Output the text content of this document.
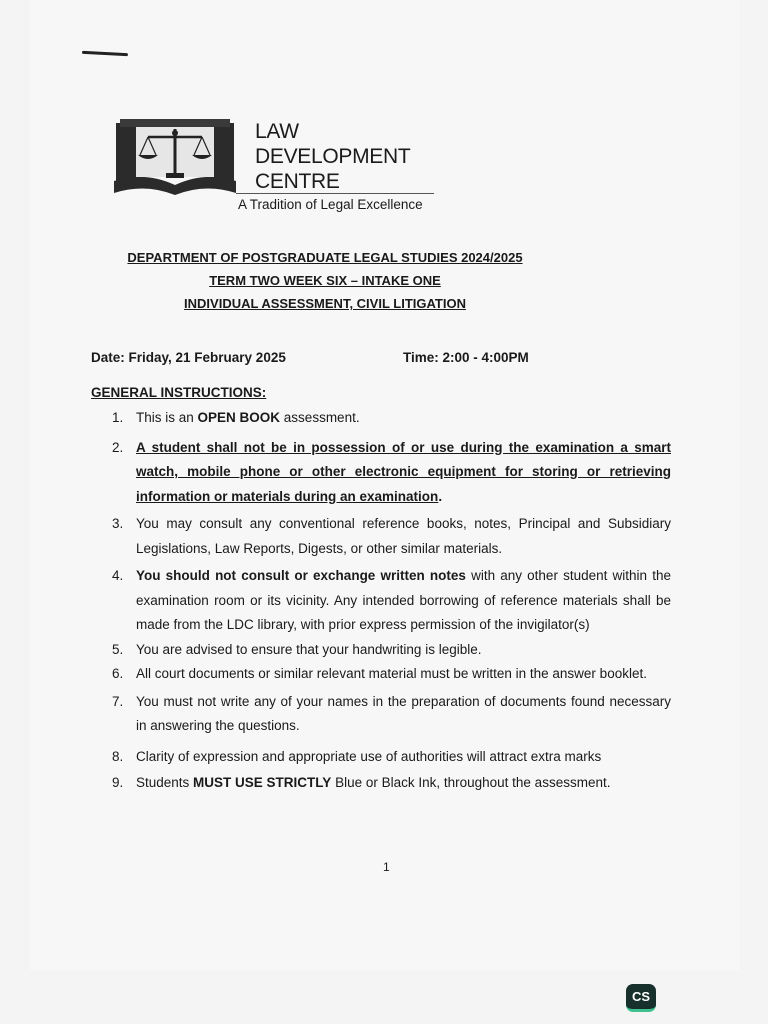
LAW
DEVELOPMENT
CENTRE
A Tradition of Legal Excellence
DEPARTMENT OF POSTGRADUATE LEGAL STUDIES 2024/2025
TERM TWO WEEK SIX – INTAKE ONE
INDIVIDUAL ASSESSMENT, CIVIL LITIGATION
Date: Friday, 21 February 2025	Time: 2:00 - 4:00PM
GENERAL INSTRUCTIONS:
1. This is an OPEN BOOK assessment.
2. A student shall not be in possession of or use during the examination a smart watch, mobile phone or other electronic equipment for storing or retrieving information or materials during an examination.
3. You may consult any conventional reference books, notes, Principal and Subsidiary Legislations, Law Reports, Digests, or other similar materials.
4. You should not consult or exchange written notes with any other student within the examination room or its vicinity. Any intended borrowing of reference materials shall be made from the LDC library, with prior express permission of the invigilator(s)
5. You are advised to ensure that your handwriting is legible.
6. All court documents or similar relevant material must be written in the answer booklet.
7. You must not write any of your names in the preparation of documents found necessary in answering the questions.
8. Clarity of expression and appropriate use of authorities will attract extra marks
9. Students MUST USE STRICTLY Blue or Black Ink, throughout the assessment.
1
CS
